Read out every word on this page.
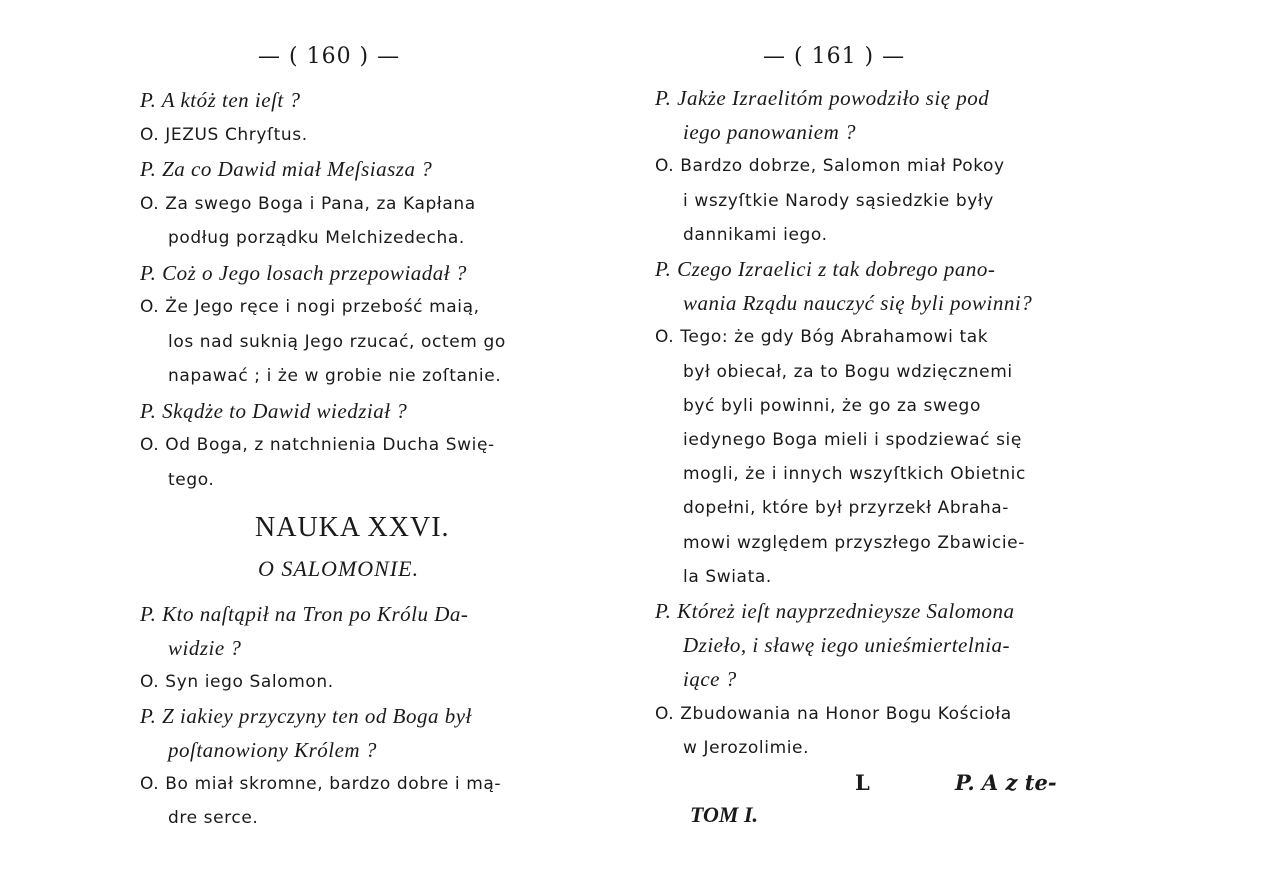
— ( 160 ) —
P. A któż ten ieſt ?
O. JEZUS Chryſtus.
P. Za co Dawid miał Meſsiasza ?
O. Za swego Boga i Pana, za Kapłana
podług porządku Melchizedecha.
P. Coż o Jego losach przepowiadał ?
O. Że Jego ręce i nogi przebość maią,
los nad suknią Jego rzucać, octem go
napawać ; i że w grobie nie zoſtanie.
P. Skądże to Dawid wiedział ?
O. Od Boga, z natchnienia Ducha Swię-
tego.
NAUKA XXVI.
O SALOMONIE.
P. Kto naſtąpił na Tron po Królu Da-
widzie ?
O. Syn iego Salomon.
P. Z iakiey przyczyny ten od Boga był
poſtanowiony Królem ?
O. Bo miał skromne, bardzo dobre i mą-
dre serce.
— ( 161 ) —
P. Jakże Izraelitóm powodziło się pod
iego panowaniem ?
O. Bardzo dobrze, Salomon miał Pokoy
i wszyſtkie Narody sąsiedzkie były
dannikami iego.
P. Czego Izraelici z tak dobrego pano-
wania Rządu nauczyć się byli powinni?
O. Tego: że gdy Bóg Abrahamowi tak
był obiecał, za to Bogu wdzięcznemi
być byli powinni, że go za swego
iedynego Boga mieli i spodziewać się
mogli, że i innych wszyſtkich Obietnic
dopełni, które był przyrzekł Abraha-
mowi względem przyszłego Zbawicie-
la Swiata.
P. Któreż ieſt nayprzednieysze Salomona
Dzieło, i sławę iego unieśmiertelnia-
iące ?
O. Zbudowania na Honor Bogu Kościoła
w Jerozolimie.
L	P. A z te-
TOM I.
